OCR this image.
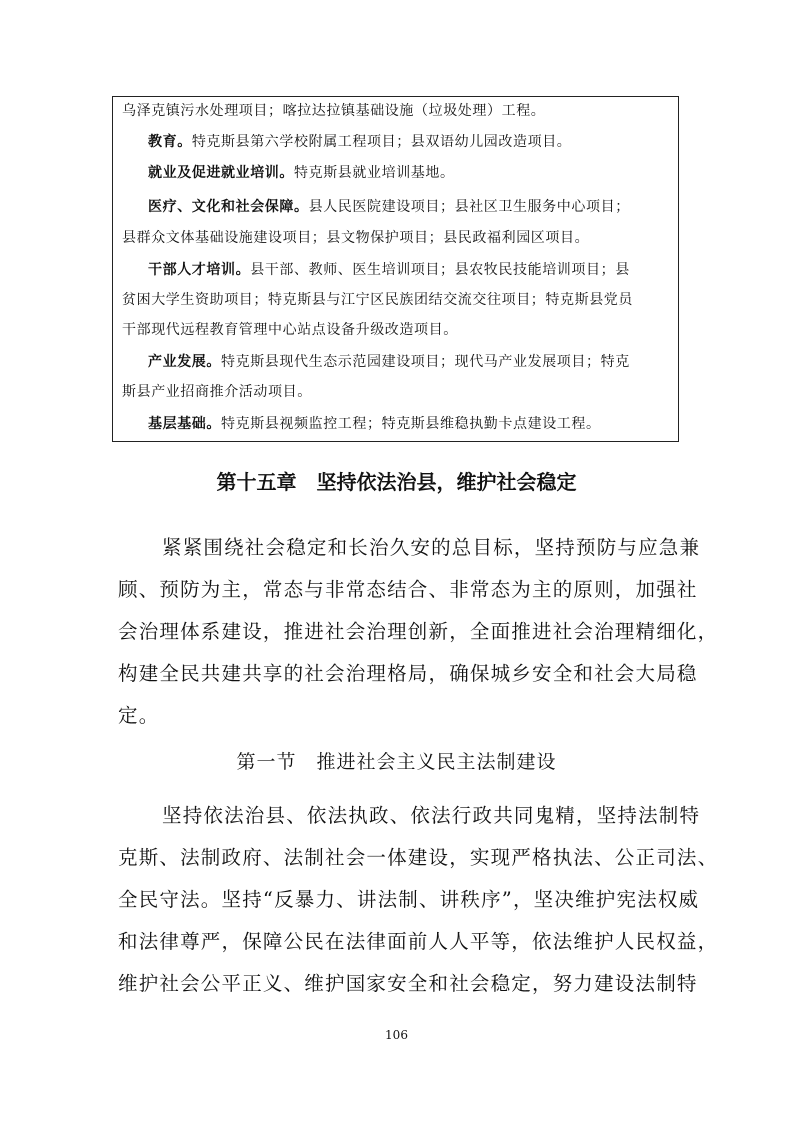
乌泽克镇污水处理项目；喀拉达拉镇基础设施（垃圾处理）工程。
教育。特克斯县第六学校附属工程项目；县双语幼儿园改造项目。
就业及促进就业培训。特克斯县就业培训基地。
医疗、文化和社会保障。县人民医院建设项目；县社区卫生服务中心项目；
县群众文体基础设施建设项目；县文物保护项目；县民政福利园区项目。
干部人才培训。县干部、教师、医生培训项目；县农牧民技能培训项目；县
贫困大学生资助项目；特克斯县与江宁区民族团结交流交往项目；特克斯县党员
干部现代远程教育管理中心站点设备升级改造项目。
产业发展。特克斯县现代生态示范园建设项目；现代马产业发展项目；特克
斯县产业招商推介活动项目。
基层基础。特克斯县视频监控工程；特克斯县维稳执勤卡点建设工程。
第十五章　坚持依法治县，维护社会稳定
紧紧围绕社会稳定和长治久安的总目标，坚持预防与应急兼
顾、预防为主，常态与非常态结合、非常态为主的原则，加强社
会治理体系建设，推进社会治理创新，全面推进社会治理精细化，
构建全民共建共享的社会治理格局，确保城乡安全和社会大局稳
定。
第一节　推进社会主义民主法制建设
坚持依法治县、依法执政、依法行政共同鬼精，坚持法制特
克斯、法制政府、法制社会一体建设，实现严格执法、公正司法、
全民守法。坚持“反暴力、讲法制、讲秩序”，坚决维护宪法权威
和法律尊严，保障公民在法律面前人人平等，依法维护人民权益，
维护社会公平正义、维护国家安全和社会稳定，努力建设法制特
106
